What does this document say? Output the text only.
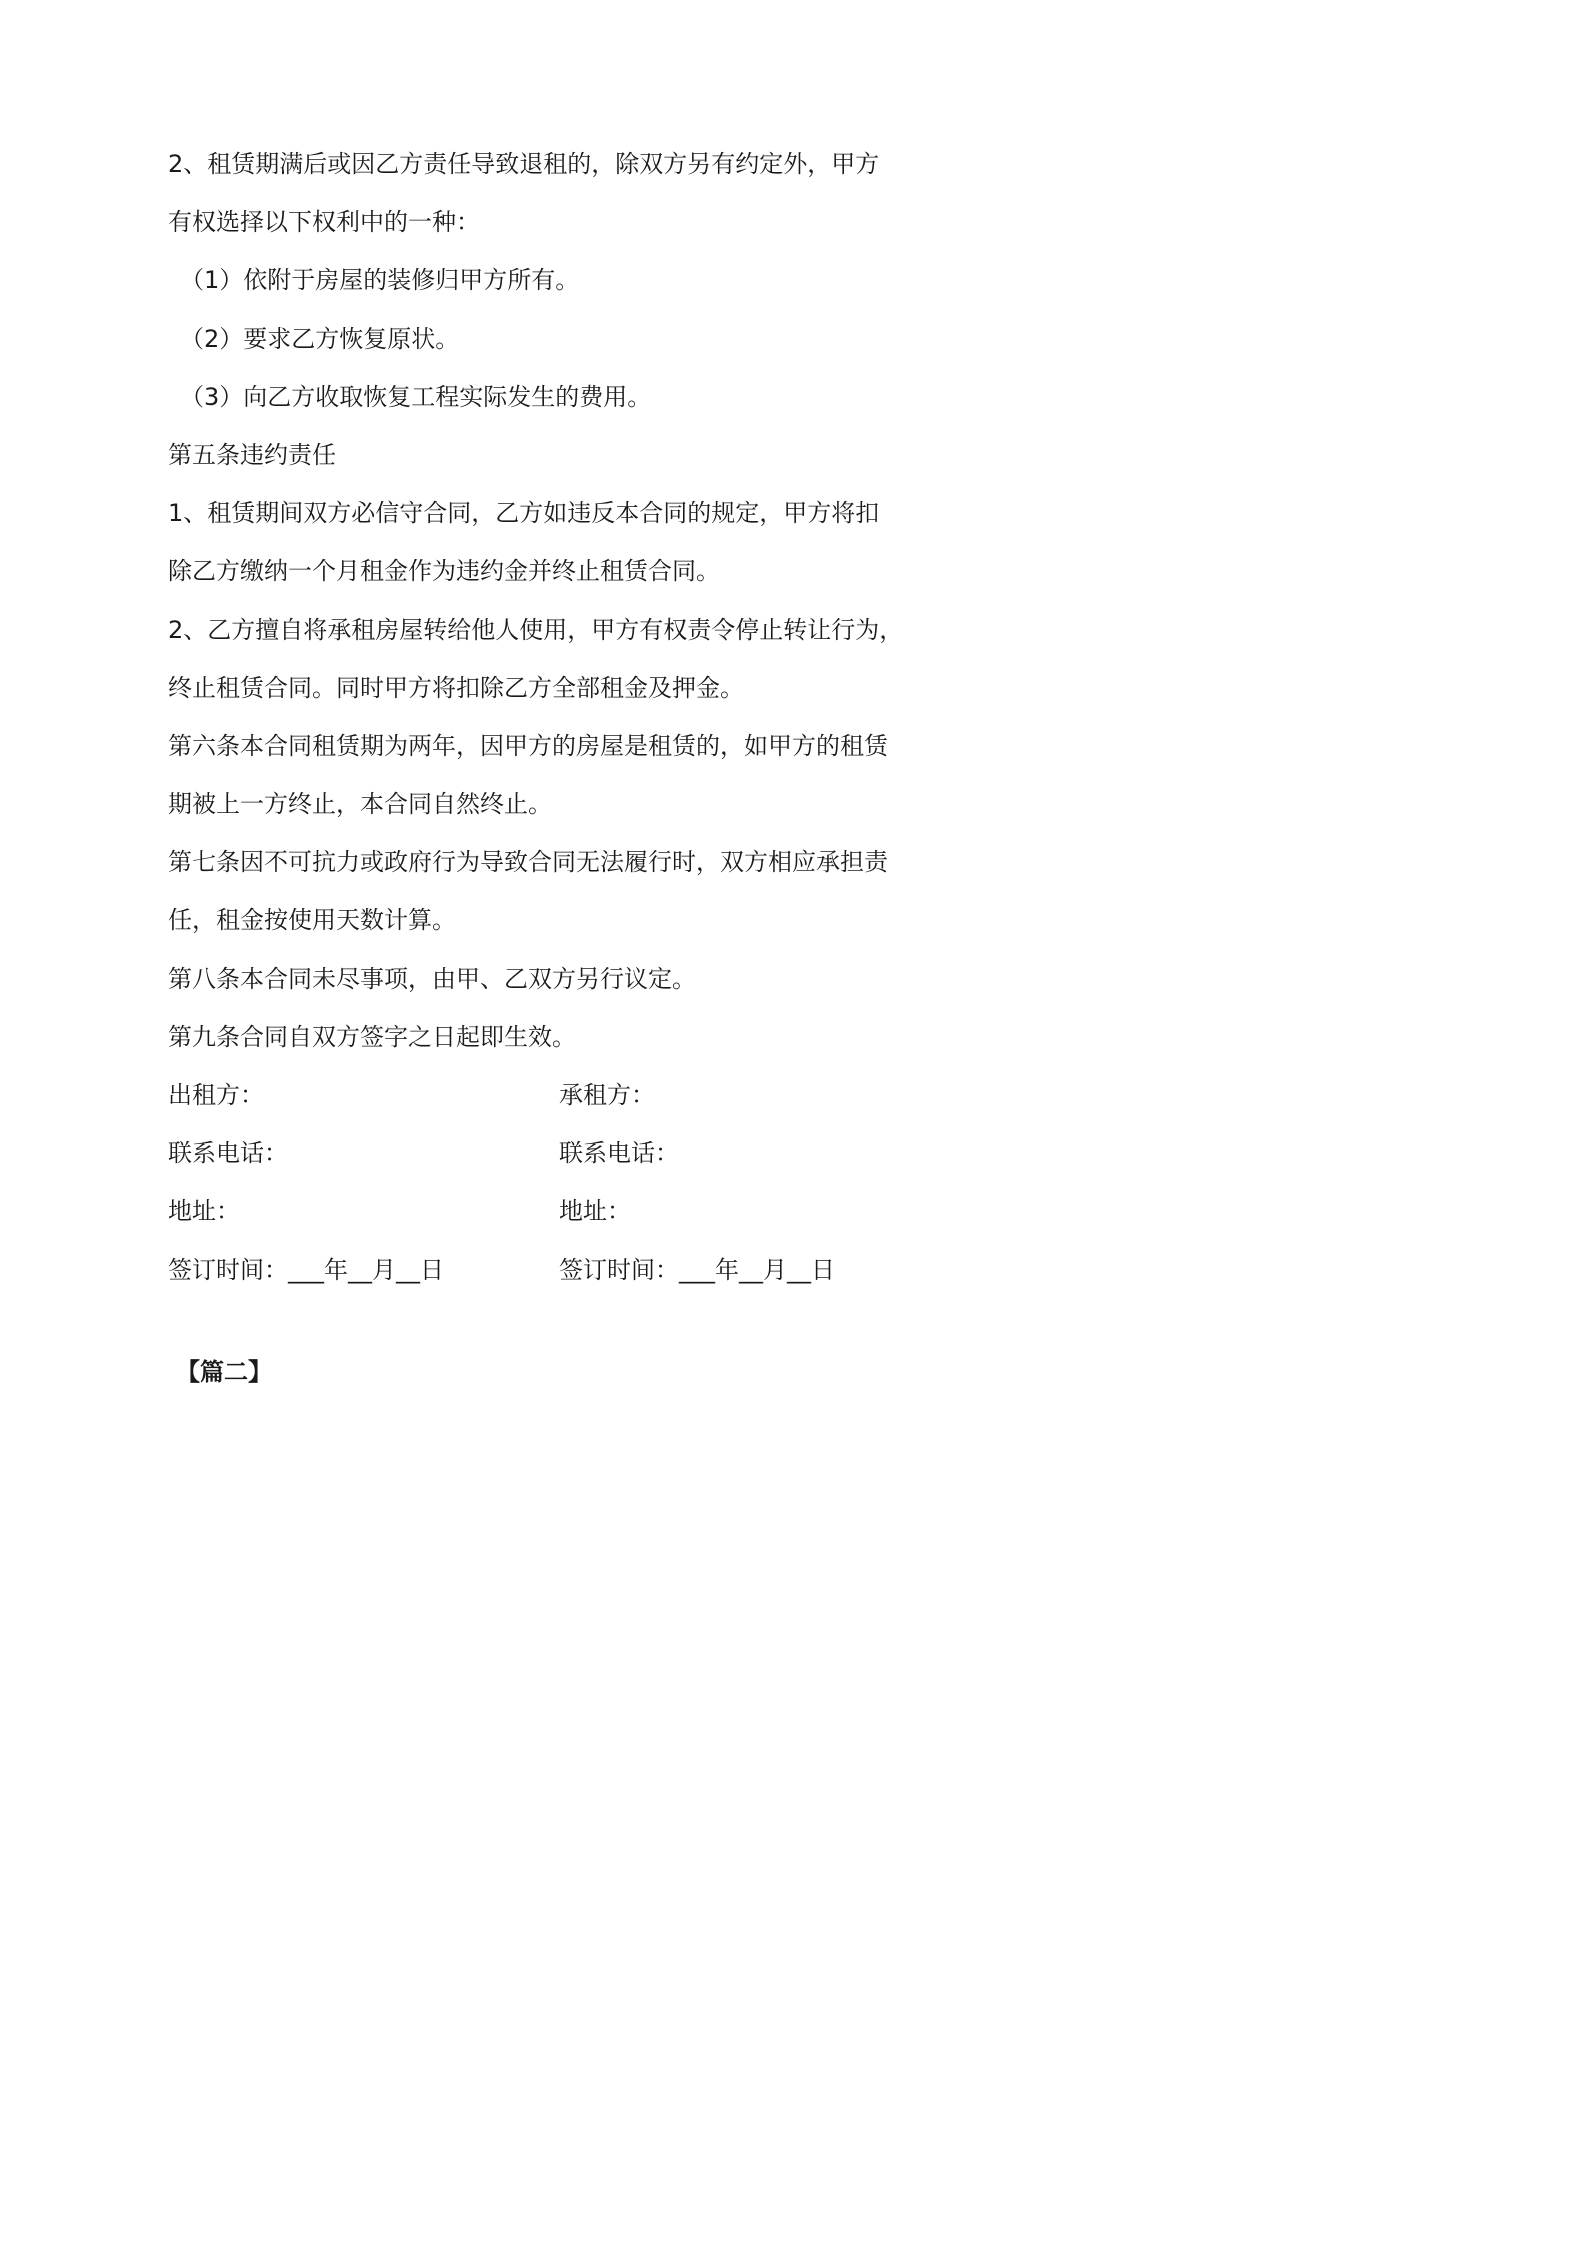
2、租赁期满后或因乙方责任导致退租的，除双方另有约定外，甲方
有权选择以下权利中的一种：
（1）依附于房屋的装修归甲方所有。
（2）要求乙方恢复原状。
（3）向乙方收取恢复工程实际发生的费用。
第五条违约责任
1、租赁期间双方必信守合同，乙方如违反本合同的规定，甲方将扣
除乙方缴纳一个月租金作为违约金并终止租赁合同。
2、乙方擅自将承租房屋转给他人使用，甲方有权责令停止转让行为，
终止租赁合同。同时甲方将扣除乙方全部租金及押金。
第六条本合同租赁期为两年，因甲方的房屋是租赁的，如甲方的租赁
期被上一方终止，本合同自然终止。
第七条因不可抗力或政府行为导致合同无法履行时，双方相应承担责
任，租金按使用天数计算。
第八条本合同未尽事项，由甲、乙双方另行议定。
第九条合同自双方签字之日起即生效。
出租方：	承租方：
联系电话：	联系电话：
地址：	地址：
签订时间：___年__月__日	签订时间：___年__月__日
【篇二】
